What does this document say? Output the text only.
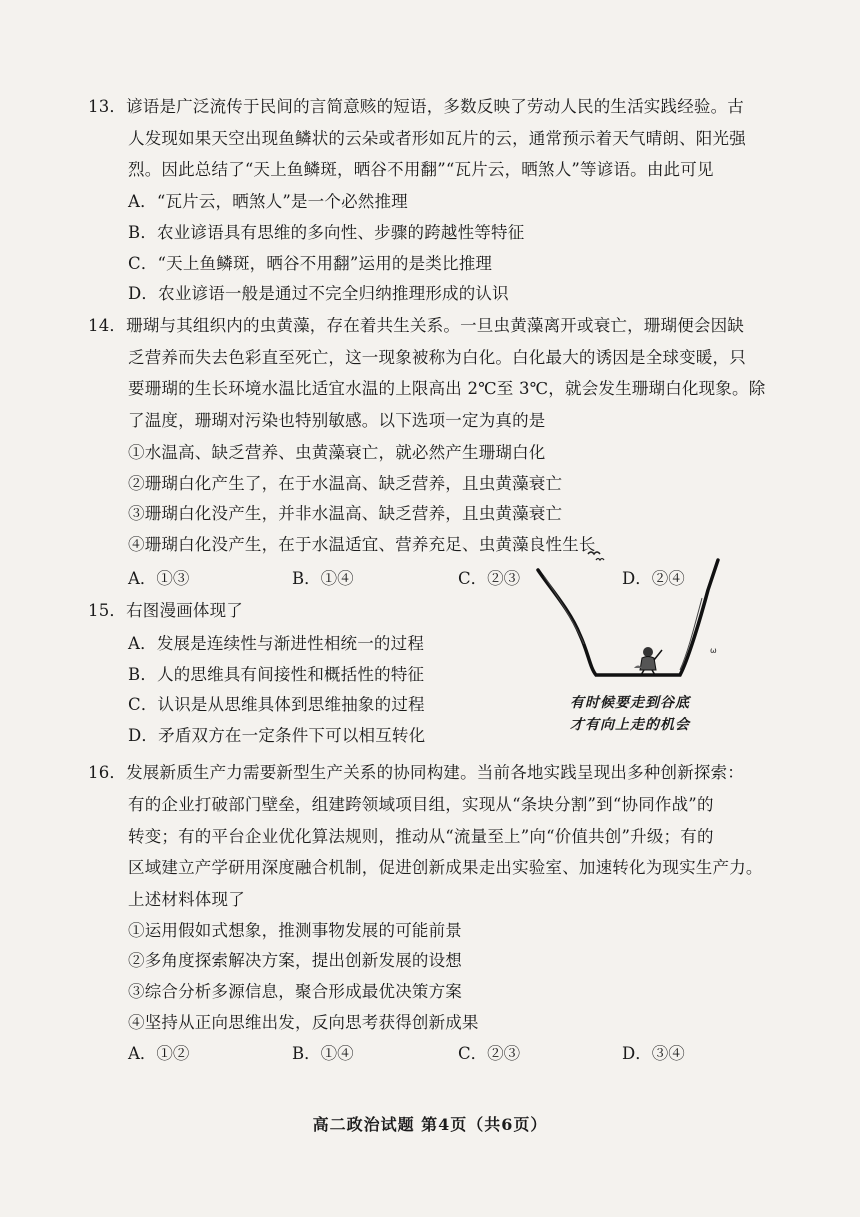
13．谚语是广泛流传于民间的言简意赅的短语，多数反映了劳动人民的生活实践经验。古
人发现如果天空出现鱼鳞状的云朵或者形如瓦片的云，通常预示着天气晴朗、阳光强
烈。因此总结了“天上鱼鳞斑，晒谷不用翻”“瓦片云，晒煞人”等谚语。由此可见
A．“瓦片云，晒煞人”是一个必然推理
B．农业谚语具有思维的多向性、步骤的跨越性等特征
C．“天上鱼鳞斑，晒谷不用翻”运用的是类比推理
D．农业谚语一般是通过不完全归纳推理形成的认识
14．珊瑚与其组织内的虫黄藻，存在着共生关系。一旦虫黄藻离开或衰亡，珊瑚便会因缺
乏营养而失去色彩直至死亡，这一现象被称为白化。白化最大的诱因是全球变暖，只
要珊瑚的生长环境水温比适宜水温的上限高出 2℃至 3℃，就会发生珊瑚白化现象。除
了温度，珊瑚对污染也特别敏感。以下选项一定为真的是
①水温高、缺乏营养、虫黄藻衰亡，就必然产生珊瑚白化
②珊瑚白化产生了，在于水温高、缺乏营养，且虫黄藻衰亡
③珊瑚白化没产生，并非水温高、缺乏营养，且虫黄藻衰亡
④珊瑚白化没产生，在于水温适宜、营养充足、虫黄藻良性生长
A．①③	B．①④	C．②③	D．②④
15．右图漫画体现了
A．发展是连续性与渐进性相统一的过程
B．人的思维具有间接性和概括性的特征
C．认识是从思维具体到思维抽象的过程
D．矛盾双方在一定条件下可以相互转化
ω
有时候要走到谷底
才有向上走的机会
16．发展新质生产力需要新型生产关系的协同构建。当前各地实践呈现出多种创新探索：
有的企业打破部门壁垒，组建跨领域项目组，实现从“条块分割”到“协同作战”的
转变；有的平台企业优化算法规则，推动从“流量至上”向“价值共创”升级；有的
区域建立产学研用深度融合机制，促进创新成果走出实验室、加速转化为现实生产力。
上述材料体现了
①运用假如式想象，推测事物发展的可能前景
②多角度探索解决方案，提出创新发展的设想
③综合分析多源信息，聚合形成最优决策方案
④坚持从正向思维出发，反向思考获得创新成果
A．①②	B．①④	C．②③	D．③④
高二政治试题 第4页（共6页）
